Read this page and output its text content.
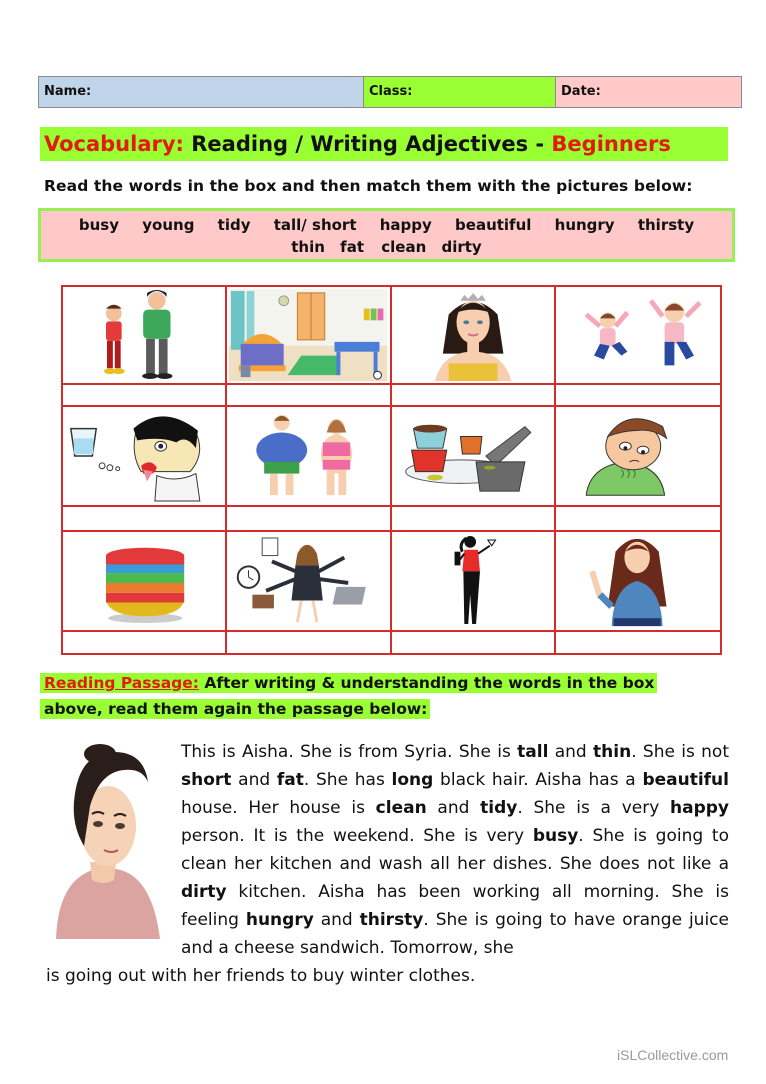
Name:	Class:	Date:
Vocabulary: Reading / Writing Adjectives - Beginners
Read the words in the box and then match them with the pictures below:
busy young tidy tall/ short happy beautiful hungry thirsty
thin fat clean dirty
Reading Passage: After writing & understanding the words in the box
above, read them again the passage below:
This is Aisha. She is from Syria. She is tall and thin. She is not short and fat. She has long black hair. Aisha has a beautiful house. Her house is clean and tidy. She is a very happy person. It is the weekend. She is very busy. She is going to clean her kitchen and wash all her dishes. She does not like a dirty kitchen. Aisha has been working all morning. She is feeling hungry and thirsty. She is going to have orange juice and a cheese sandwich. Tomorrow, she
is going out with her friends to buy winter clothes.
iSLCollective.com
